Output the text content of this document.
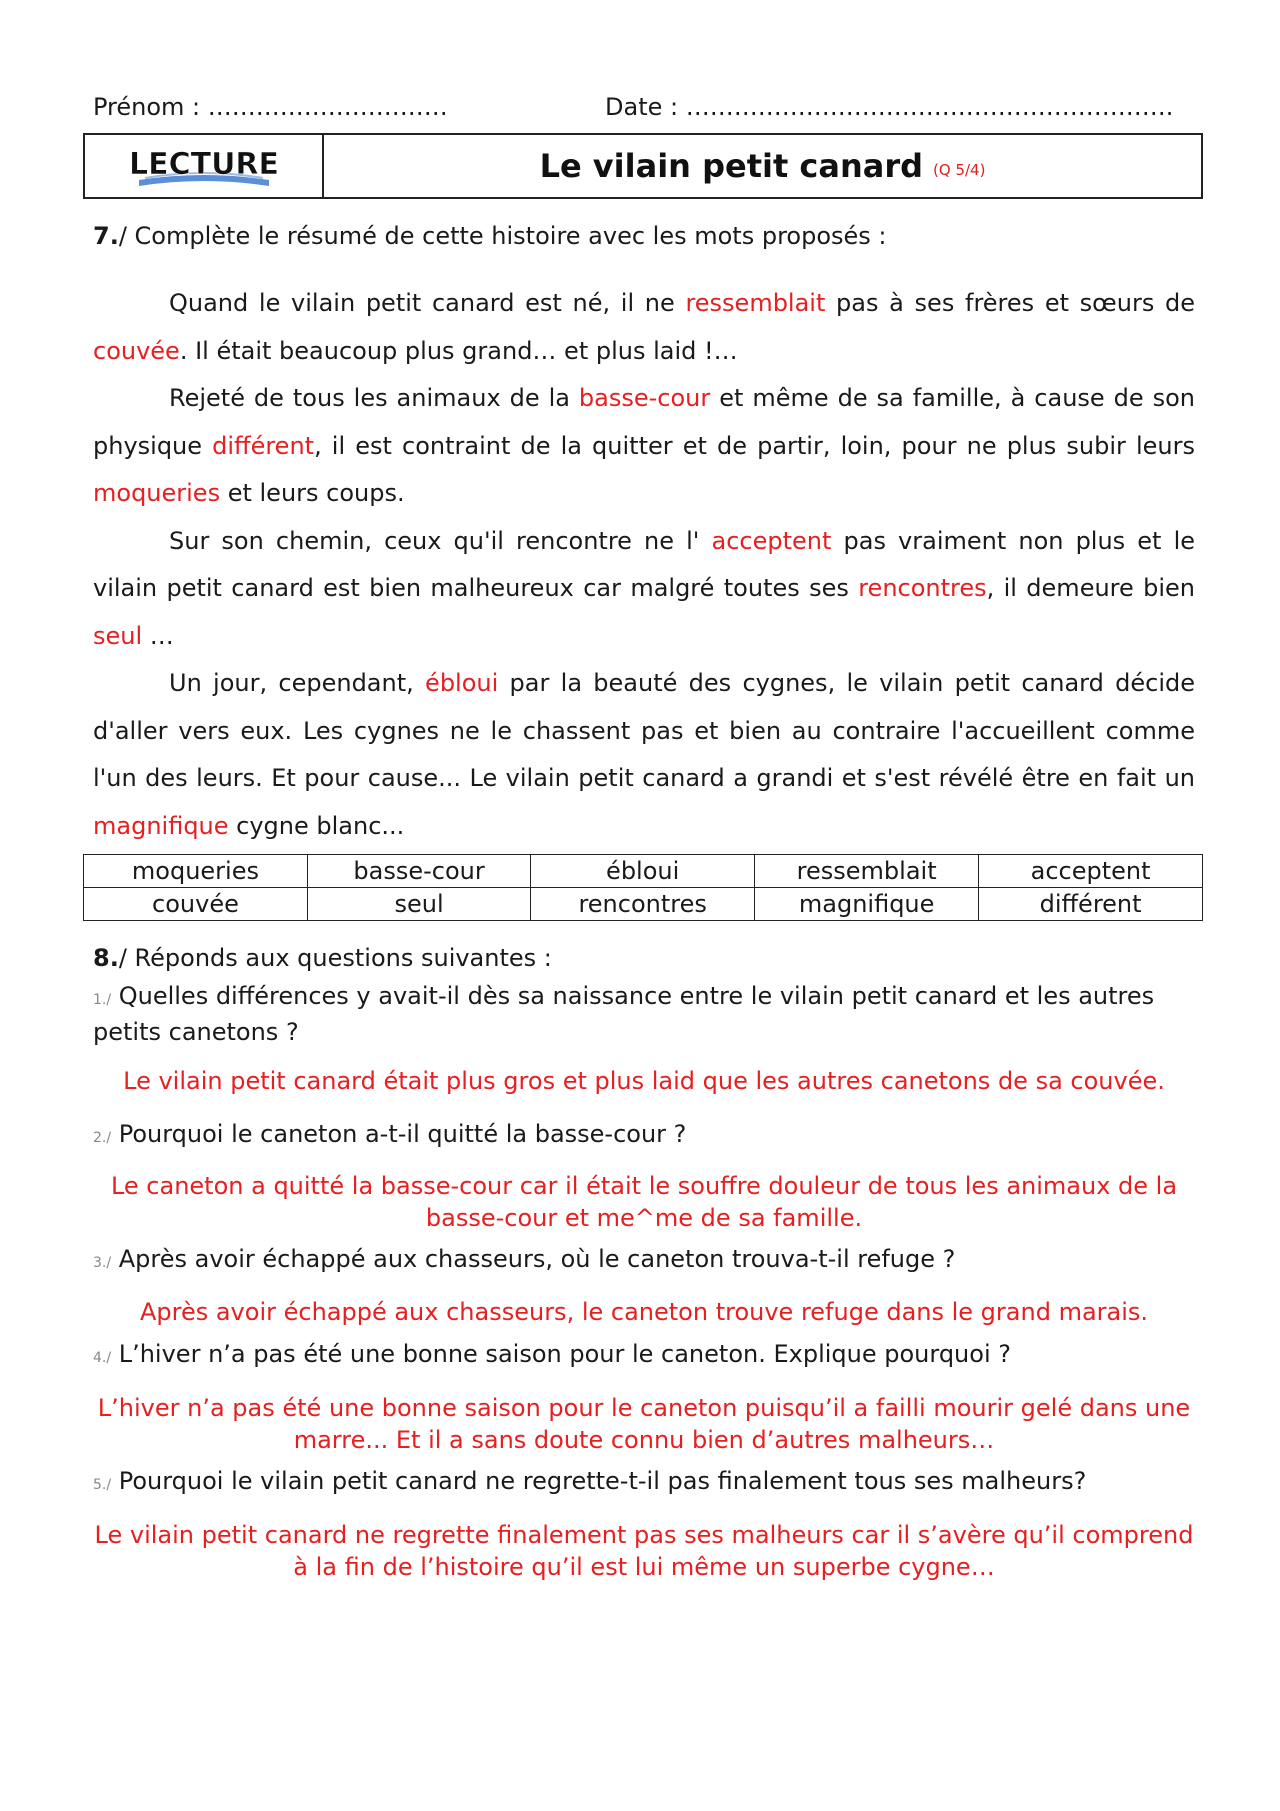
Prénom : …………………………	Date : …………………………………………………….
LECTURE	Le vilain petit canard (Q 5/4)
7./ Complète le résumé de cette histoire avec les mots proposés :

Quand le vilain petit canard est né, il ne ressemblait pas à ses frères et sœurs de couvée. Il était beaucoup plus grand… et plus laid !…

Rejeté de tous les animaux de la basse-cour et même de sa famille, à cause de son physique différent, il est contraint de la quitter et de partir, loin, pour ne plus subir leurs moqueries et leurs coups.

Sur son chemin, ceux qu'il rencontre ne l' acceptent pas vraiment non plus et le vilain petit canard est bien malheureux car malgré toutes ses rencontres, il demeure bien seul …

Un jour, cependant, ébloui par la beauté des cygnes, le vilain petit canard décide d'aller vers eux. Les cygnes ne le chassent pas et bien au contraire l'accueillent comme l'un des leurs. Et pour cause... Le vilain petit canard a grandi et s'est révélé être en fait un magnifique cygne blanc...

moqueries	basse-cour	ébloui	ressemblait	acceptent
couvée	seul	rencontres	magnifique	différent
8./ Réponds aux questions suivantes :
1./ Quelles différences y avait-il dès sa naissance entre le vilain petit canard et les autres petits canetons ?
Le vilain petit canard était plus gros et plus laid que les autres canetons de sa couvée.
2./ Pourquoi le caneton a-t-il quitté la basse-cour ?
Le caneton a quitté la basse-cour car il était le souffre douleur de tous les animaux de la basse-cour et me^me de sa famille.
3./ Après avoir échappé aux chasseurs, où le caneton trouva-t-il refuge ?
Après avoir échappé aux chasseurs, le caneton trouve refuge dans le grand marais.
4./ L’hiver n’a pas été une bonne saison pour le caneton. Explique pourquoi ?
L’hiver n’a pas été une bonne saison pour le caneton puisqu’il a failli mourir gelé dans une marre... Et il a sans doute connu bien d’autres malheurs…
5./ Pourquoi le vilain petit canard ne regrette-t-il pas finalement tous ses malheurs?
Le vilain petit canard ne regrette finalement pas ses malheurs car il s’avère qu’il comprend à la fin de l’histoire qu’il est lui même un superbe cygne…
